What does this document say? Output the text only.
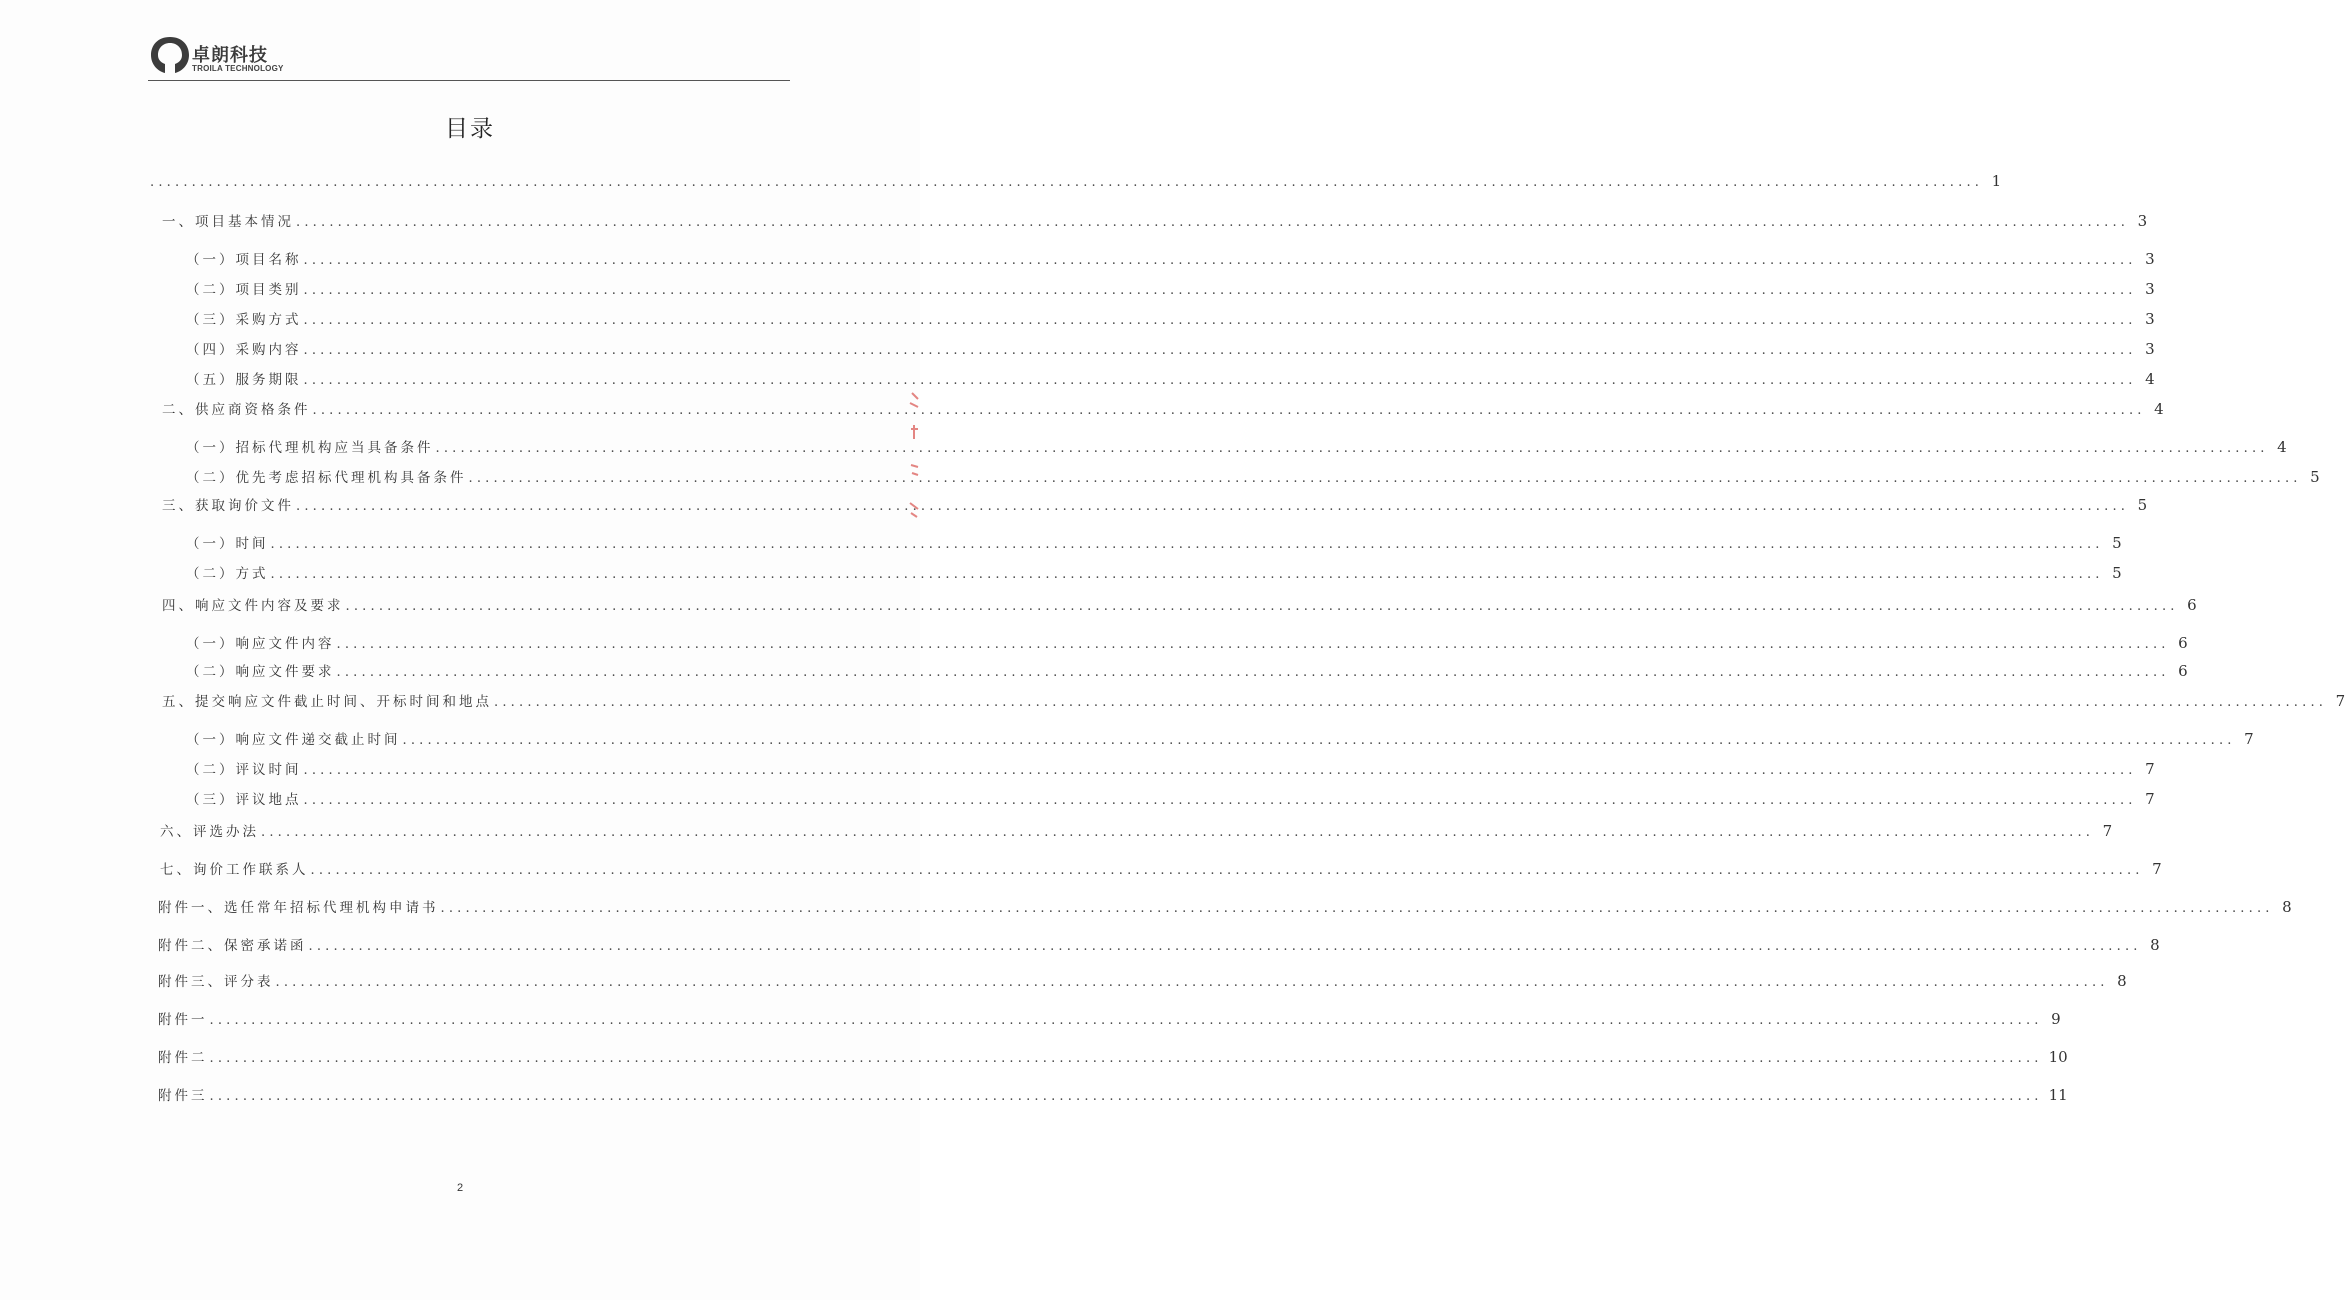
卓朗科技
TROILA TECHNOLOGY
目录
............................................................................................................................................................................................................................ 1
一、项目基本情况 ............................................................................................................................................................................................................................ 3
（一）项目名称 ............................................................................................................................................................................................................................ 3
（二）项目类别 ............................................................................................................................................................................................................................ 3
（三）采购方式 ............................................................................................................................................................................................................................ 3
（四）采购内容 ............................................................................................................................................................................................................................ 3
（五）服务期限 ............................................................................................................................................................................................................................ 4
二、供应商资格条件 ............................................................................................................................................................................................................................ 4
（一）招标代理机构应当具备条件 ............................................................................................................................................................................................................................ 4
（二）优先考虑招标代理机构具备条件 ............................................................................................................................................................................................................................ 5
三、获取询价文件 ............................................................................................................................................................................................................................ 5
（一）时间 ............................................................................................................................................................................................................................ 5
（二）方式 ............................................................................................................................................................................................................................ 5
四、响应文件内容及要求 ............................................................................................................................................................................................................................ 6
（一）响应文件内容 ............................................................................................................................................................................................................................ 6
（二）响应文件要求 ............................................................................................................................................................................................................................ 6
五、提交响应文件截止时间、开标时间和地点 ............................................................................................................................................................................................................................ 7
（一）响应文件递交截止时间 ............................................................................................................................................................................................................................ 7
（二）评议时间 ............................................................................................................................................................................................................................ 7
（三）评议地点 ............................................................................................................................................................................................................................ 7
六、评选办法 ............................................................................................................................................................................................................................ 7
七、询价工作联系人 ............................................................................................................................................................................................................................ 7
附件一、选任常年招标代理机构申请书 ............................................................................................................................................................................................................................ 8
附件二、保密承诺函 ............................................................................................................................................................................................................................ 8
附件三、评分表 ............................................................................................................................................................................................................................ 8
附件一 ............................................................................................................................................................................................................................ 9
附件二 ............................................................................................................................................................................................................................ 10
附件三 ............................................................................................................................................................................................................................ 11
2
